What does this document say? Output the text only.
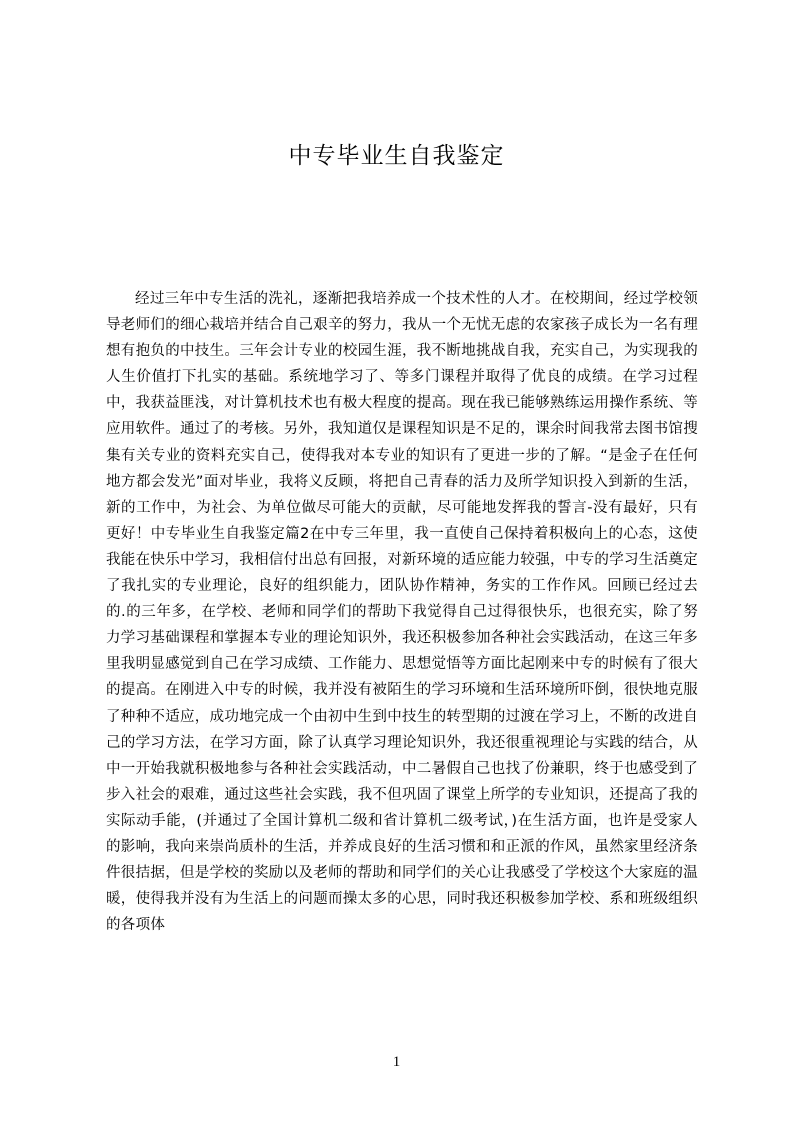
中专毕业生自我鉴定

经过三年中专生活的洗礼，逐渐把我培养成一个技术性的人才。在校期间，经过学校领导老师们的细心栽培并结合自己艰辛的努力，我从一个无忧无虑的农家孩子成长为一名有理想有抱负的中技生。三年会计专业的校园生涯，我不断地挑战自我，充实自己，为实现我的人生价值打下扎实的基础。系统地学习了、等多门课程并取得了优良的成绩。在学习过程中，我获益匪浅，对计算机技术也有极大程度的提高。现在我已能够熟练运用操作系统、等应用软件。通过了的考核。另外，我知道仅是课程知识是不足的，课余时间我常去图书馆搜集有关专业的资料充实自己，使得我对本专业的知识有了更进一步的了解。“是金子在任何地方都会发光”面对毕业，我将义反顾，将把自己青春的活力及所学知识投入到新的生活，新的工作中，为社会、为单位做尽可能大的贡献，尽可能地发挥我的誓言-没有最好，只有更好！中专毕业生自我鉴定篇2在中专三年里，我一直使自己保持着积极向上的心态，这使我能在快乐中学习，我相信付出总有回报，对新环境的适应能力较强，中专的学习生活奠定了我扎实的专业理论，良好的组织能力，团队协作精神，务实的工作作风。回顾已经过去的.的三年多，在学校、老师和同学们的帮助下我觉得自己过得很快乐，也很充实，除了努力学习基础课程和掌握本专业的理论知识外，我还积极参加各种社会实践活动，在这三年多里我明显感觉到自己在学习成绩、工作能力、思想觉悟等方面比起刚来中专的时候有了很大的提高。在刚进入中专的时候，我并没有被陌生的学习环境和生活环境所吓倒，很快地克服了种种不适应，成功地完成一个由初中生到中技生的转型期的过渡在学习上，不断的改进自己的学习方法，在学习方面，除了认真学习理论知识外，我还很重视理论与实践的结合，从中一开始我就积极地参与各种社会实践活动，中二暑假自己也找了份兼职，终于也感受到了步入社会的艰难，通过这些社会实践，我不但巩固了课堂上所学的专业知识，还提高了我的实际动手能，(并通过了全国计算机二级和省计算机二级考试，)在生活方面，也许是受家人的影响，我向来崇尚质朴的生活，并养成良好的生活习惯和和正派的作风，虽然家里经济条件很拮据，但是学校的奖励以及老师的帮助和同学们的关心让我感受了学校这个大家庭的温暖，使得我并没有为生活上的问题而操太多的心思，同时我还积极参加学校、系和班级组织的各项体

1
